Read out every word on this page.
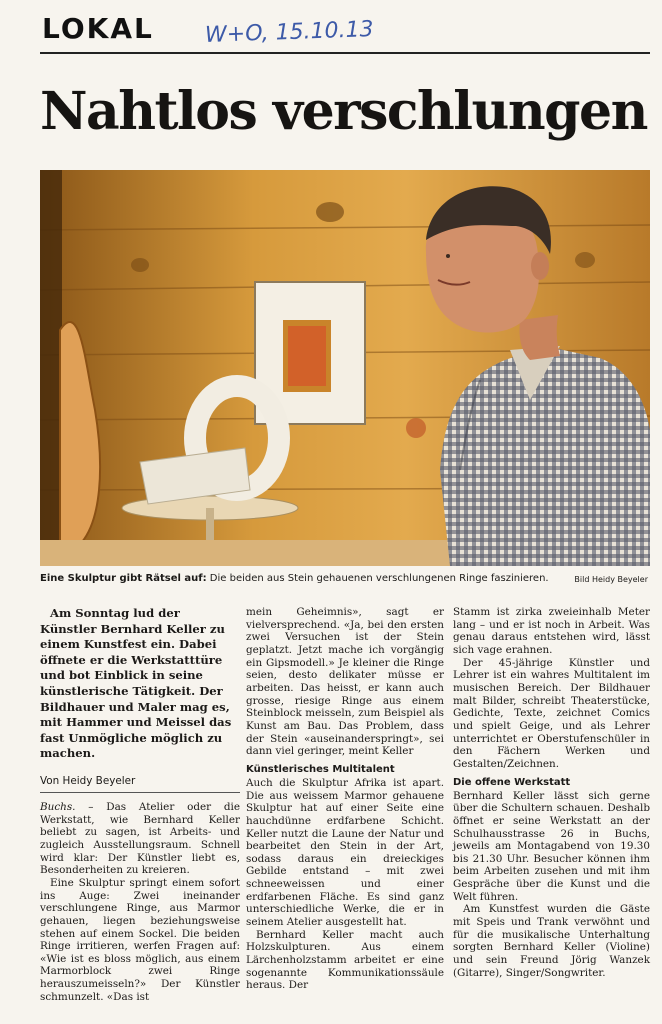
LOKAL W+O, 15.10.13
Nahtlos verschlungen
Eine Skulptur gibt Rätsel auf: Die beiden aus Stein gehauenen verschlungenen Ringe faszinieren.	Bild Heidy Beyeler

Am Sonntag lud der Künstler Bernhard Keller zu einem Kunstfest ein. Dabei öffnete er die Werkstatttüre und bot Einblick in seine künstlerische Tätigkeit. Der Bildhauer und Maler mag es, mit Hammer und Meissel das fast Unmögliche möglich zu machen.

Von Heidy Beyeler

Buchs. – Das Atelier oder die Werkstatt, wie Bernhard Keller beliebt zu sagen, ist Arbeits- und zugleich Ausstellungsraum. Schnell wird klar: Der Künstler liebt es, Besonderheiten zu kreieren.

Eine Skulptur springt einem sofort ins Auge: Zwei ineinander verschlungene Ringe, aus Marmor gehauen, liegen beziehungsweise stehen auf einem Sockel. Die beiden Ringe irritieren, werfen Fragen auf: «Wie ist es bloss möglich, aus einem Marmorblock zwei Ringe herauszumeisseln?» Der Künstler schmunzelt. «Das ist

mein Geheimnis», sagt er vielversprechend. «Ja, bei den ersten zwei Versuchen ist der Stein geplatzt. Jetzt mache ich vorgängig ein Gipsmodell.» Je kleiner die Ringe seien, desto delikater müsse er arbeiten. Das heisst, er kann auch grosse, riesige Ringe aus einem Steinblock meisseln, zum Beispiel als Kunst am Bau. Das Problem, dass der Stein «auseinanderspringt», sei dann viel geringer, meint Keller

Künstlerisches Multitalent

Auch die Skulptur Afrika ist apart. Die aus weissem Marmor gehauene Skulptur hat auf einer Seite eine hauchdünne erdfarbene Schicht. Keller nutzt die Laune der Natur und bearbeitet den Stein in der Art, sodass daraus ein dreieckiges Gebilde entstand – mit zwei schneeweissen und einer erdfarbenen Fläche. Es sind ganz unterschiedliche Werke, die er in seinem Atelier ausgestellt hat.

Bernhard Keller macht auch Holzskulpturen. Aus einem Lärchenholzstamm arbeitet er eine sogenannte Kommunikationssäule heraus. Der

Stamm ist zirka zweieinhalb Meter lang – und er ist noch in Arbeit. Was genau daraus entstehen wird, lässt sich vage erahnen.

Der 45-jährige Künstler und Lehrer ist ein wahres Multitalent im musischen Bereich. Der Bildhauer malt Bilder, schreibt Theaterstücke, Gedichte, Texte, zeichnet Comics und spielt Geige, und als Lehrer unterrichtet er Oberstufenschüler in den Fächern Werken und Gestalten/Zeichnen.

Die offene Werkstatt

Bernhard Keller lässt sich gerne über die Schultern schauen. Deshalb öffnet er seine Werkstatt an der Schulhausstrasse 26 in Buchs, jeweils am Montagabend von 19.30 bis 21.30 Uhr. Besucher können ihm beim Arbeiten zusehen und mit ihm Gespräche über die Kunst und die Welt führen.

Am Kunstfest wurden die Gäste mit Speis und Trank verwöhnt und für die musikalische Unterhaltung sorgten Bernhard Keller (Violine) und sein Freund Jörig Wanzek (Gitarre), Singer/Songwriter.
